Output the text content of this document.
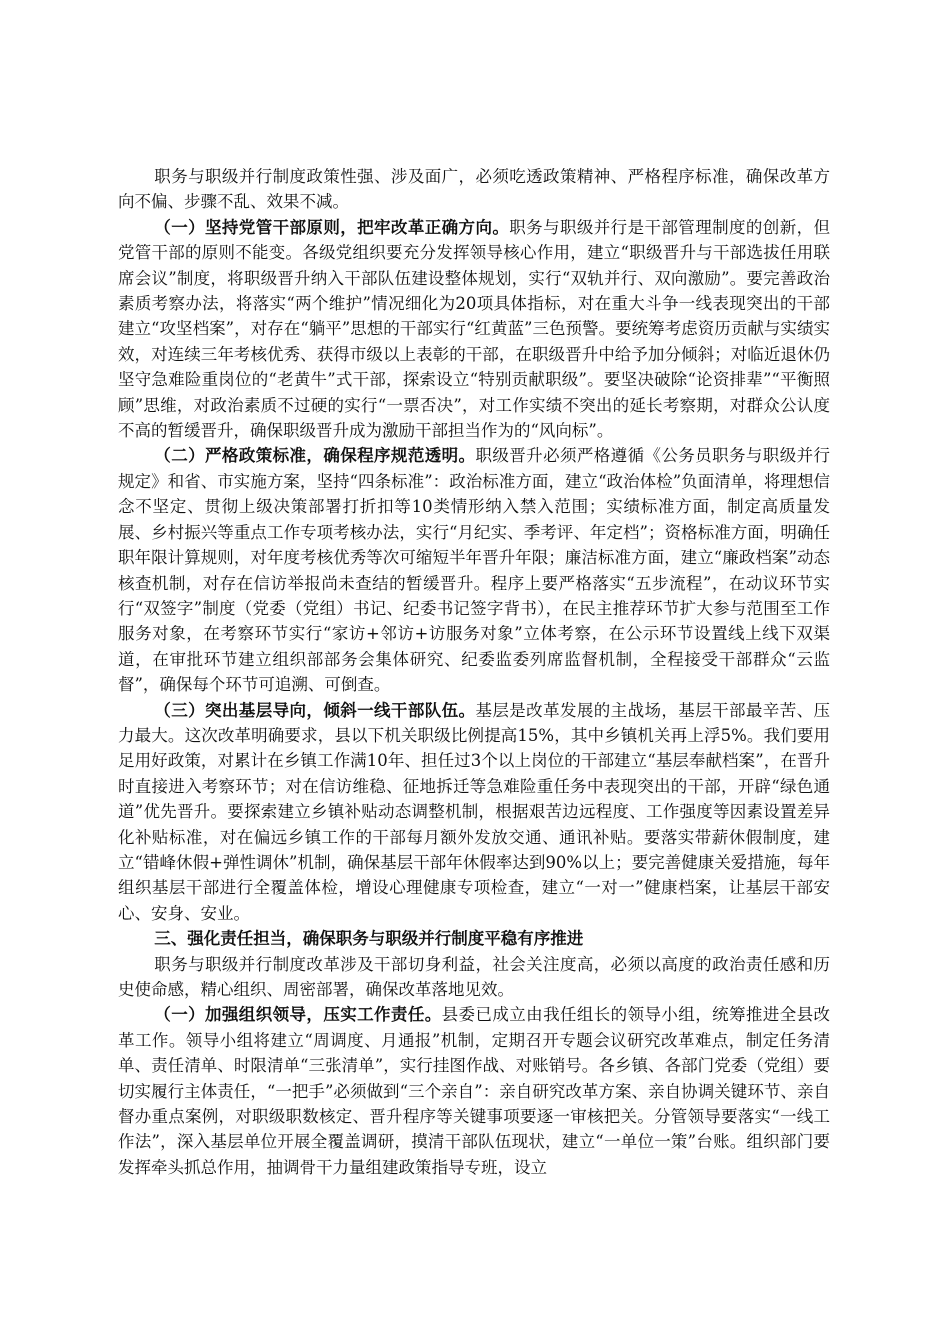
职务与职级并行制度政策性强、涉及面广，必须吃透政策精神、严格程序标准，确保改革方向不偏、步骤不乱、效果不减。

（一）坚持党管干部原则，把牢改革正确方向。职务与职级并行是干部管理制度的创新，但党管干部的原则不能变。各级党组织要充分发挥领导核心作用，建立“职级晋升与干部选拔任用联席会议”制度，将职级晋升纳入干部队伍建设整体规划，实行“双轨并行、双向激励”。要完善政治素质考察办法，将落实“两个维护”情况细化为20项具体指标，对在重大斗争一线表现突出的干部建立“攻坚档案”，对存在“躺平”思想的干部实行“红黄蓝”三色预警。要统筹考虑资历贡献与实绩实效，对连续三年考核优秀、获得市级以上表彰的干部，在职级晋升中给予加分倾斜；对临近退休仍坚守急难险重岗位的“老黄牛”式干部，探索设立“特别贡献职级”。要坚决破除“论资排辈”“平衡照顾”思维，对政治素质不过硬的实行“一票否决”，对工作实绩不突出的延长考察期，对群众公认度不高的暂缓晋升，确保职级晋升成为激励干部担当作为的“风向标”。

（二）严格政策标准，确保程序规范透明。职级晋升必须严格遵循《公务员职务与职级并行规定》和省、市实施方案，坚持“四条标准”：政治标准方面，建立“政治体检”负面清单，将理想信念不坚定、贯彻上级决策部署打折扣等10类情形纳入禁入范围；实绩标准方面，制定高质量发展、乡村振兴等重点工作专项考核办法，实行“月纪实、季考评、年定档”；资格标准方面，明确任职年限计算规则，对年度考核优秀等次可缩短半年晋升年限；廉洁标准方面，建立“廉政档案”动态核查机制，对存在信访举报尚未查结的暂缓晋升。程序上要严格落实“五步流程”，在动议环节实行“双签字”制度（党委（党组）书记、纪委书记签字背书），在民主推荐环节扩大参与范围至工作服务对象，在考察环节实行“家访+邻访+访服务对象”立体考察，在公示环节设置线上线下双渠道，在审批环节建立组织部部务会集体研究、纪委监委列席监督机制，全程接受干部群众“云监督”，确保每个环节可追溯、可倒查。

（三）突出基层导向，倾斜一线干部队伍。基层是改革发展的主战场，基层干部最辛苦、压力最大。这次改革明确要求，县以下机关职级比例提高15%，其中乡镇机关再上浮5%。我们要用足用好政策，对累计在乡镇工作满10年、担任过3个以上岗位的干部建立“基层奉献档案”，在晋升时直接进入考察环节；对在信访维稳、征地拆迁等急难险重任务中表现突出的干部，开辟“绿色通道”优先晋升。要探索建立乡镇补贴动态调整机制，根据艰苦边远程度、工作强度等因素设置差异化补贴标准，对在偏远乡镇工作的干部每月额外发放交通、通讯补贴。要落实带薪休假制度，建立“错峰休假+弹性调休”机制，确保基层干部年休假率达到90%以上；要完善健康关爱措施，每年组织基层干部进行全覆盖体检，增设心理健康专项检查，建立“一对一”健康档案，让基层干部安心、安身、安业。

三、强化责任担当，确保职务与职级并行制度平稳有序推进

职务与职级并行制度改革涉及干部切身利益，社会关注度高，必须以高度的政治责任感和历史使命感，精心组织、周密部署，确保改革落地见效。

（一）加强组织领导，压实工作责任。县委已成立由我任组长的领导小组，统筹推进全县改革工作。领导小组将建立“周调度、月通报”机制，定期召开专题会议研究改革难点，制定任务清单、责任清单、时限清单“三张清单”，实行挂图作战、对账销号。各乡镇、各部门党委（党组）要切实履行主体责任，“一把手”必须做到“三个亲自”：亲自研究改革方案、亲自协调关键环节、亲自督办重点案例，对职级职数核定、晋升程序等关键事项要逐一审核把关。分管领导要落实“一线工作法”，深入基层单位开展全覆盖调研，摸清干部队伍现状，建立“一单位一策”台账。组织部门要发挥牵头抓总作用，抽调骨干力量组建政策指导专班，设立
